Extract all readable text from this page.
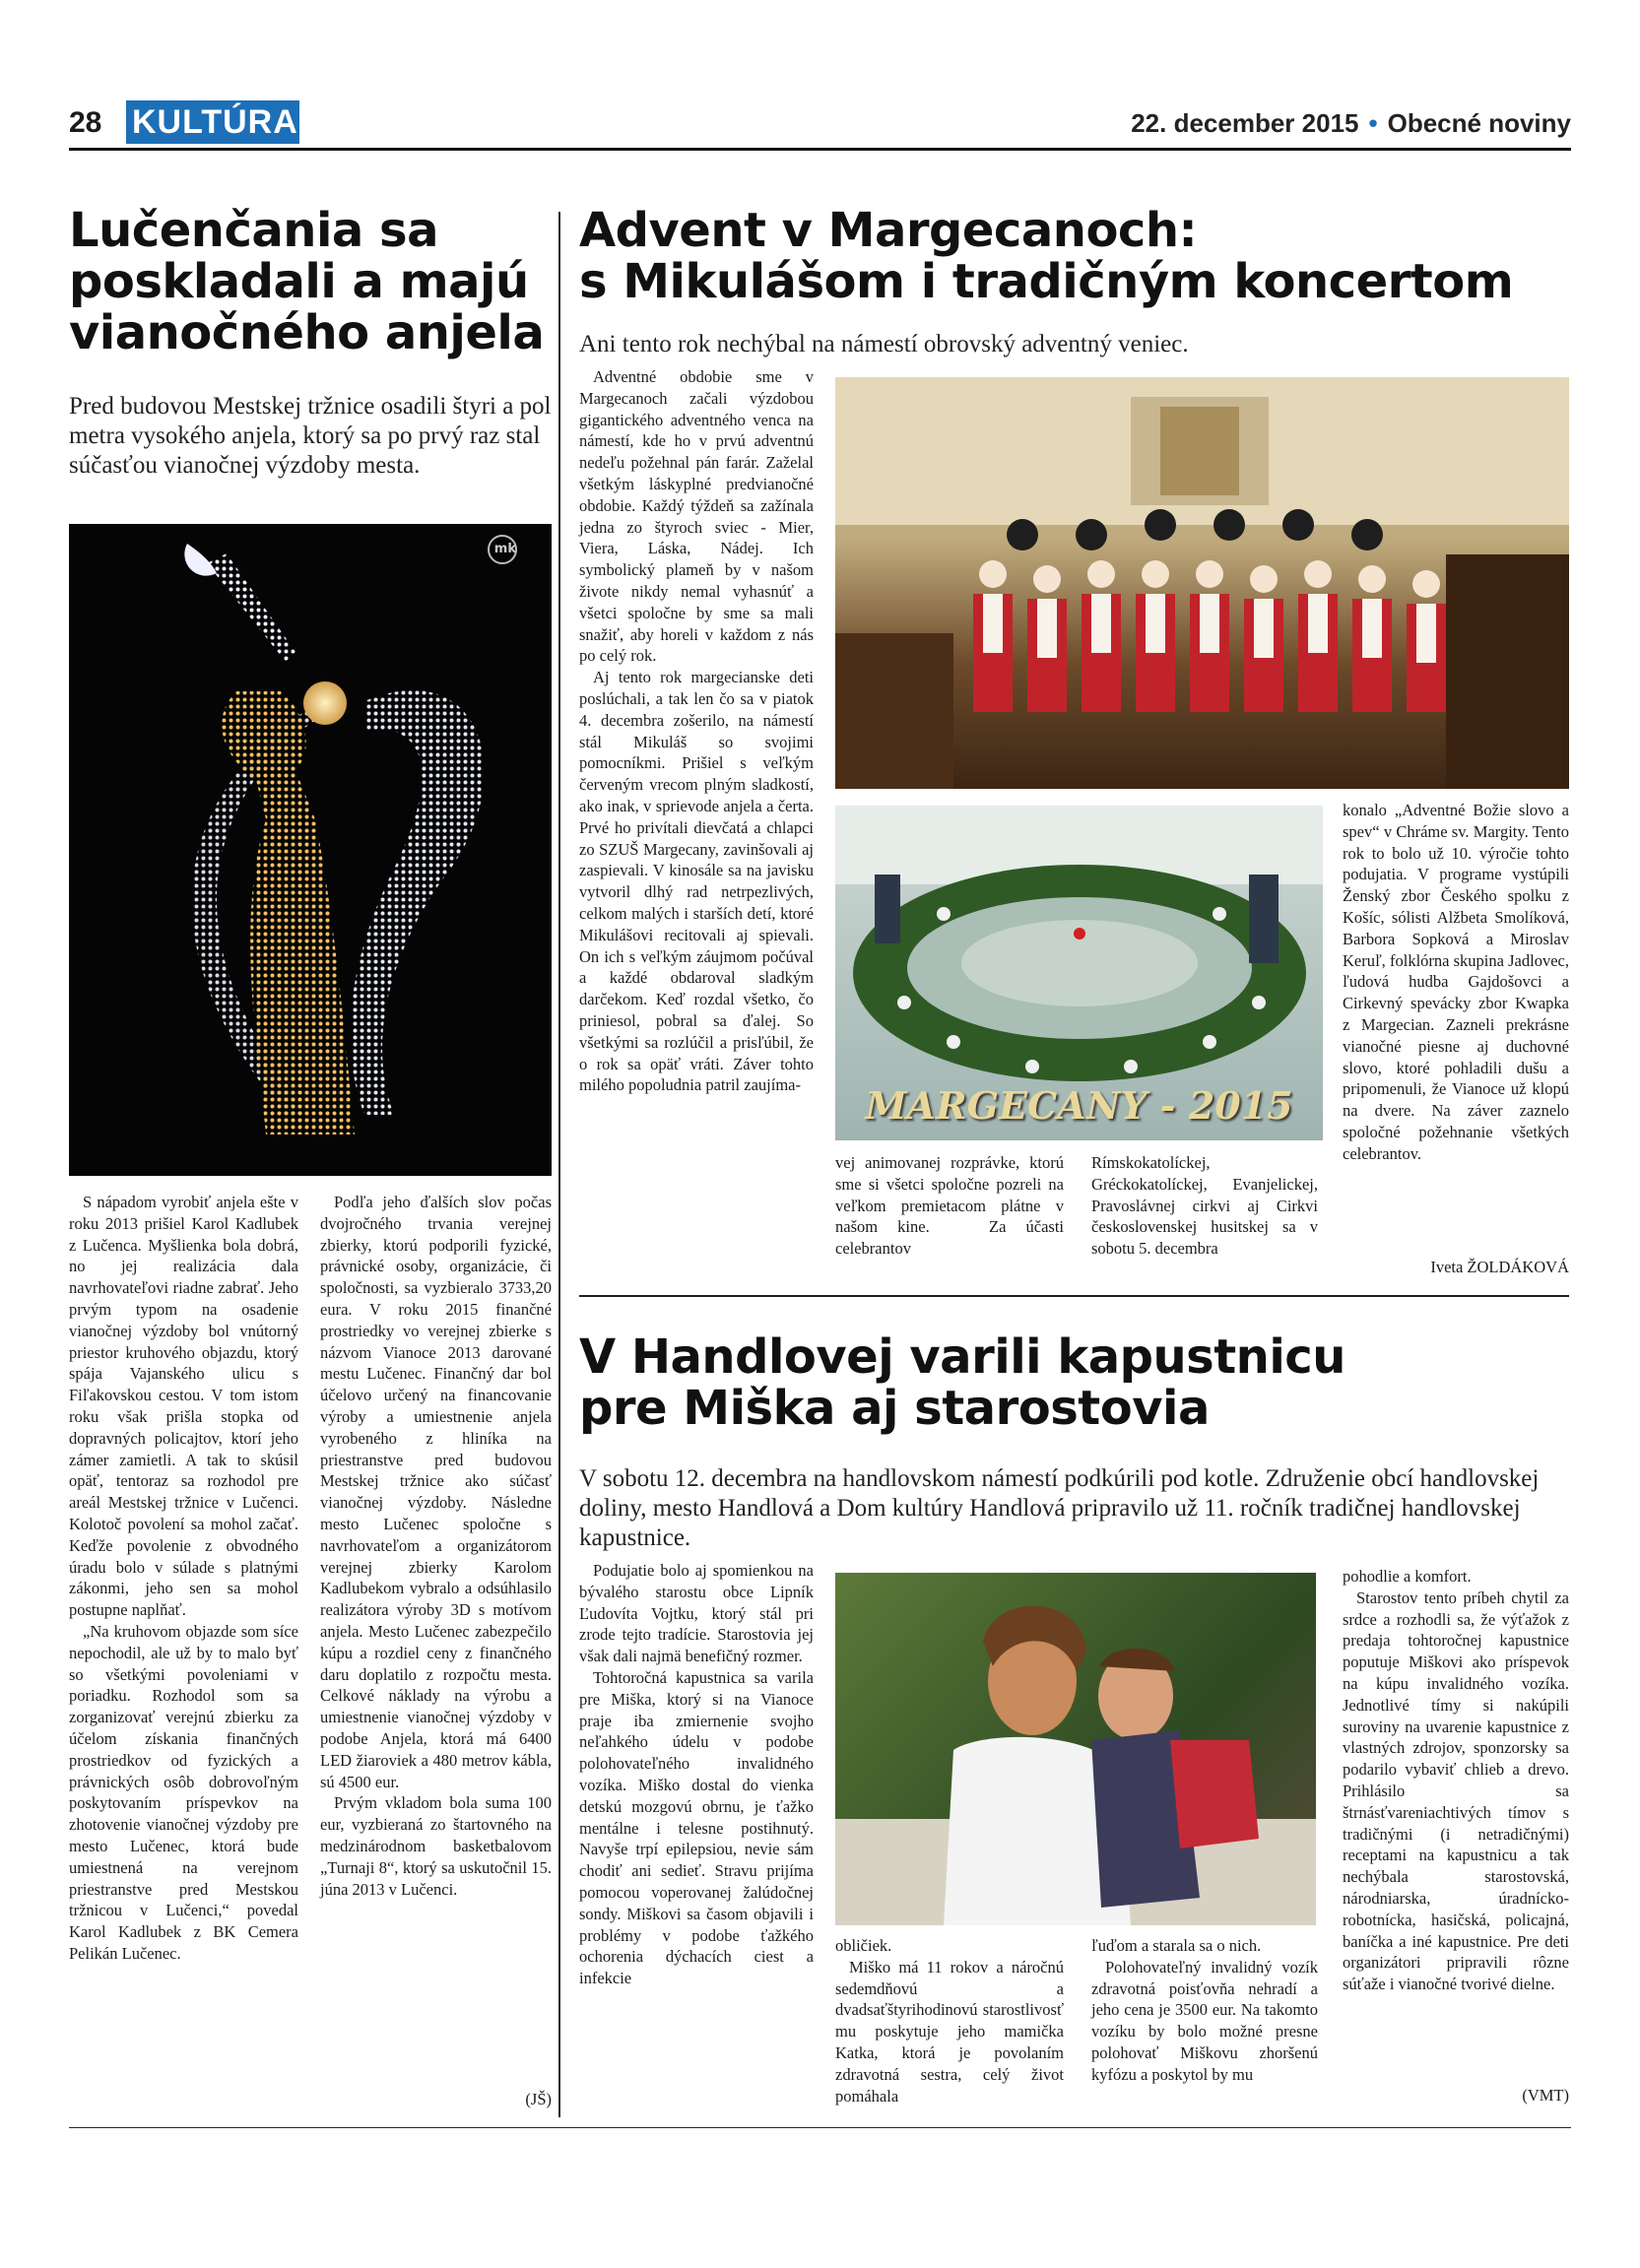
28 KULTÚRA	22. december 2015 • Obecné noviny
Lučenčania sa
poskladali a majú
vianočného anjela
Pred budovou Mestskej tržnice osadili štyri a pol metra vysokého anjela, ktorý sa po prvý raz stal súčasťou vianočnej výzdoby mesta.
mk

S nápadom vyrobiť anjela ešte v roku 2013 prišiel Karol Kadlubek z Lučenca. Myšlienka bola dobrá, no jej realizácia dala navrhovateľovi riadne zabrať. Jeho prvým typom na osadenie vianočnej výzdoby bol vnútorný priestor kruhového objazdu, ktorý spája Vajanského ulicu s Fiľakovskou cestou. V tom istom roku však prišla stopka od dopravných policajtov, ktorí jeho zámer zamietli. A tak to skúsil opäť, tentoraz sa rozhodol pre areál Mestskej tržnice v Lučenci. Kolotoč povolení sa mohol začať. Keďže povolenie z obvodného úradu bolo v súlade s platnými zákonmi, jeho sen sa mohol postupne naplňať.

„Na kruhovom objazde som síce nepochodil, ale už by to malo byť so všetkými povoleniami v poriadku. Rozhodol som sa zorganizovať verejnú zbierku za účelom získania finančných prostriedkov od fyzických a právnických osôb dobrovoľným poskytovaním príspevkov na zhotovenie vianočnej výzdoby pre mesto Lučenec, ktorá bude umiestnená na verejnom priestranstve pred Mestskou tržnicou v Lučenci,“ povedal Karol Kadlubek z BK Cemera Pelikán Lučenec.

Podľa jeho ďalších slov počas dvojročného trvania verejnej zbierky, ktorú podporili fyzické, právnické osoby, organizácie, či spoločnosti, sa vyzbieralo 3733,20 eura. V roku 2015 finančné prostriedky vo verejnej zbierke s názvom Vianoce 2013 darované mestu Lučenec. Finančný dar bol účelovo určený na financovanie výroby a umiestnenie anjela vyrobeného z hliníka na priestranstve pred budovou Mestskej tržnice ako súčasť vianočnej výzdoby. Následne mesto Lučenec spoločne s navrhovateľom a organizátorom verejnej zbierky Karolom Kadlubekom vybralo a odsúhlasilo realizátora výroby 3D s motívom anjela. Mesto Lučenec zabezpečilo kúpu a rozdiel ceny z finančného daru doplatilo z rozpočtu mesta. Celkové náklady na výrobu a umiestnenie vianočnej výzdoby v podobe Anjela, ktorá má 6400 LED žiaroviek a 480 metrov kábla, sú 4500 eur.

Prvým vkladom bola suma 100 eur, vyzbieraná zo štartovného na medzinárodnom basketbalovom „Turnaji 8“, ktorý sa uskutočnil 15. júna 2013 v Lučenci.

(JŠ)
Advent v Margecanoch:
s Mikulášom i tradičným koncertom
Ani tento rok nechýbal na námestí obrovský adventný veniec.

Adventné obdobie sme v Margecanoch začali výzdobou gigantického adventného venca na námestí, kde ho v prvú adventnú nedeľu požehnal pán farár. Zaželal všetkým láskyplné predvianočné obdobie. Každý týždeň sa zažínala jedna zo štyroch sviec - Mier, Viera, Láska, Nádej. Ich symbolický plameň by v našom živote nikdy nemal vyhasnúť a všetci spoločne by sme sa mali snažiť, aby horeli v každom z nás po celý rok.

Aj tento rok margecianske deti poslúchali, a tak len čo sa v piatok 4. decembra zošerilo, na námestí stál Mikuláš so svojimi pomocníkmi. Prišiel s veľkým červeným vrecom plným sladkostí, ako inak, v sprievode anjela a čerta. Prvé ho privítali dievčatá a chlapci zo SZUŠ Margecany, zavinšovali aj zaspievali. V kinosále sa na javisku vytvoril dlhý rad netrpezlivých, celkom malých i starších detí, ktoré Mikulášovi recitovali aj spievali. On ich s veľkým záujmom počúval a každé obdaroval sladkým darčekom. Keď rozdal všetko, čo priniesol, pobral sa ďalej. So všetkými sa rozlúčil a prisľúbil, že o rok sa opäť vráti. Záver tohto milého popoludnia patril zaujíma-	MARGECANY - 2015
vej animovanej rozprávke, ktorú sme si všetci spoločne pozreli na veľkom premietacom plátne v našom kine.   Za účasti celebrantov
Rímskokatolíckej, Gréckokatolíckej, Evanjelickej, Pravoslávnej cirkvi aj Cirkvi československej husitskej sa v sobotu 5. decembra

konalo „Adventné Božie slovo a spev“ v Chráme sv. Margity. Tento rok to bolo už 10. výročie tohto podujatia. V programe vystúpili Ženský zbor Českého spolku z Košíc, sólisti Alžbeta Smolíková, Barbora Sopková a Miroslav Keruľ, folklórna skupina Jadlovec, ľudová hudba Gajdošovci a Cirkevný spevácky zbor Kwapka z Margecian. Zazneli prekrásne vianočné piesne aj duchovné slovo, ktoré pohladili dušu a pripomenuli, že Vianoce už klopú na dvere. Na záver zaznelo spoločné požehnanie všetkých celebrantov.

Iveta ŽOLDÁKOVÁ
V Handlovej varili kapustnicu
pre Miška aj starostovia
V sobotu 12. decembra na handlovskom námestí podkúrili pod kotle. Združenie obcí handlovskej doliny, mesto Handlová a Dom kultúry Handlová pripravilo už 11. ročník tradičnej handlovskej kapustnice.

Podujatie bolo aj spomienkou na bývalého starostu obce Lipník Ľudovíta Vojtku, ktorý stál pri zrode tejto tradície. Starostovia jej však dali najmä benefičný rozmer.

Tohtoročná kapustnica sa varila pre Miška, ktorý si na Vianoce praje iba zmiernenie svojho neľahkého údelu v podobe polohovateľného invalidného vozíka. Miško dostal do vienka detskú mozgovú obrnu, je ťažko mentálne i telesne postihnutý. Navyše trpí epilepsiou, nevie sám chodiť ani sedieť. Stravu prijíma pomocou voperovanej žalúdočnej sondy. Miškovi sa časom objavili i problémy v podobe ťažkého ochorenia dýchacích ciest a infekcie

obličiek.

Miško má 11 rokov a náročnú sedemdňovú a dvadsaťštyrihodinovú starostlivosť mu poskytuje jeho mamička Katka, ktorá je povolaním zdravotná sestra, celý život pomáhala

ľuďom a starala sa o nich.

Polohovateľný invalidný vozík zdravotná poisťovňa nehradí a jeho cena je 3500 eur. Na takomto vozíku by bolo možné presne polohovať Miškovu zhoršenú kyfózu a poskytol by mu

pohodlie a komfort.

Starostov tento príbeh chytil za srdce a rozhodli sa, že výťažok z predaja tohtoročnej kapustnice poputuje Miškovi ako príspevok na kúpu invalidného vozíka. Jednotlivé tímy si nakúpili suroviny na uvarenie kapustnice z vlastných zdrojov, sponzorsky sa podarilo vybaviť chlieb a drevo. Prihlásilo sa štrnásťvareniachtivých tímov s tradičnými (i netradičnými) receptami na kapustnicu a tak nechýbala starostovská, národniarska, úradnícko-robotnícka, hasičská, policajná, baníčka a iné kapustnice. Pre deti organizátori pripravili rôzne súťaže i vianočné tvorivé dielne.

(VMT)
